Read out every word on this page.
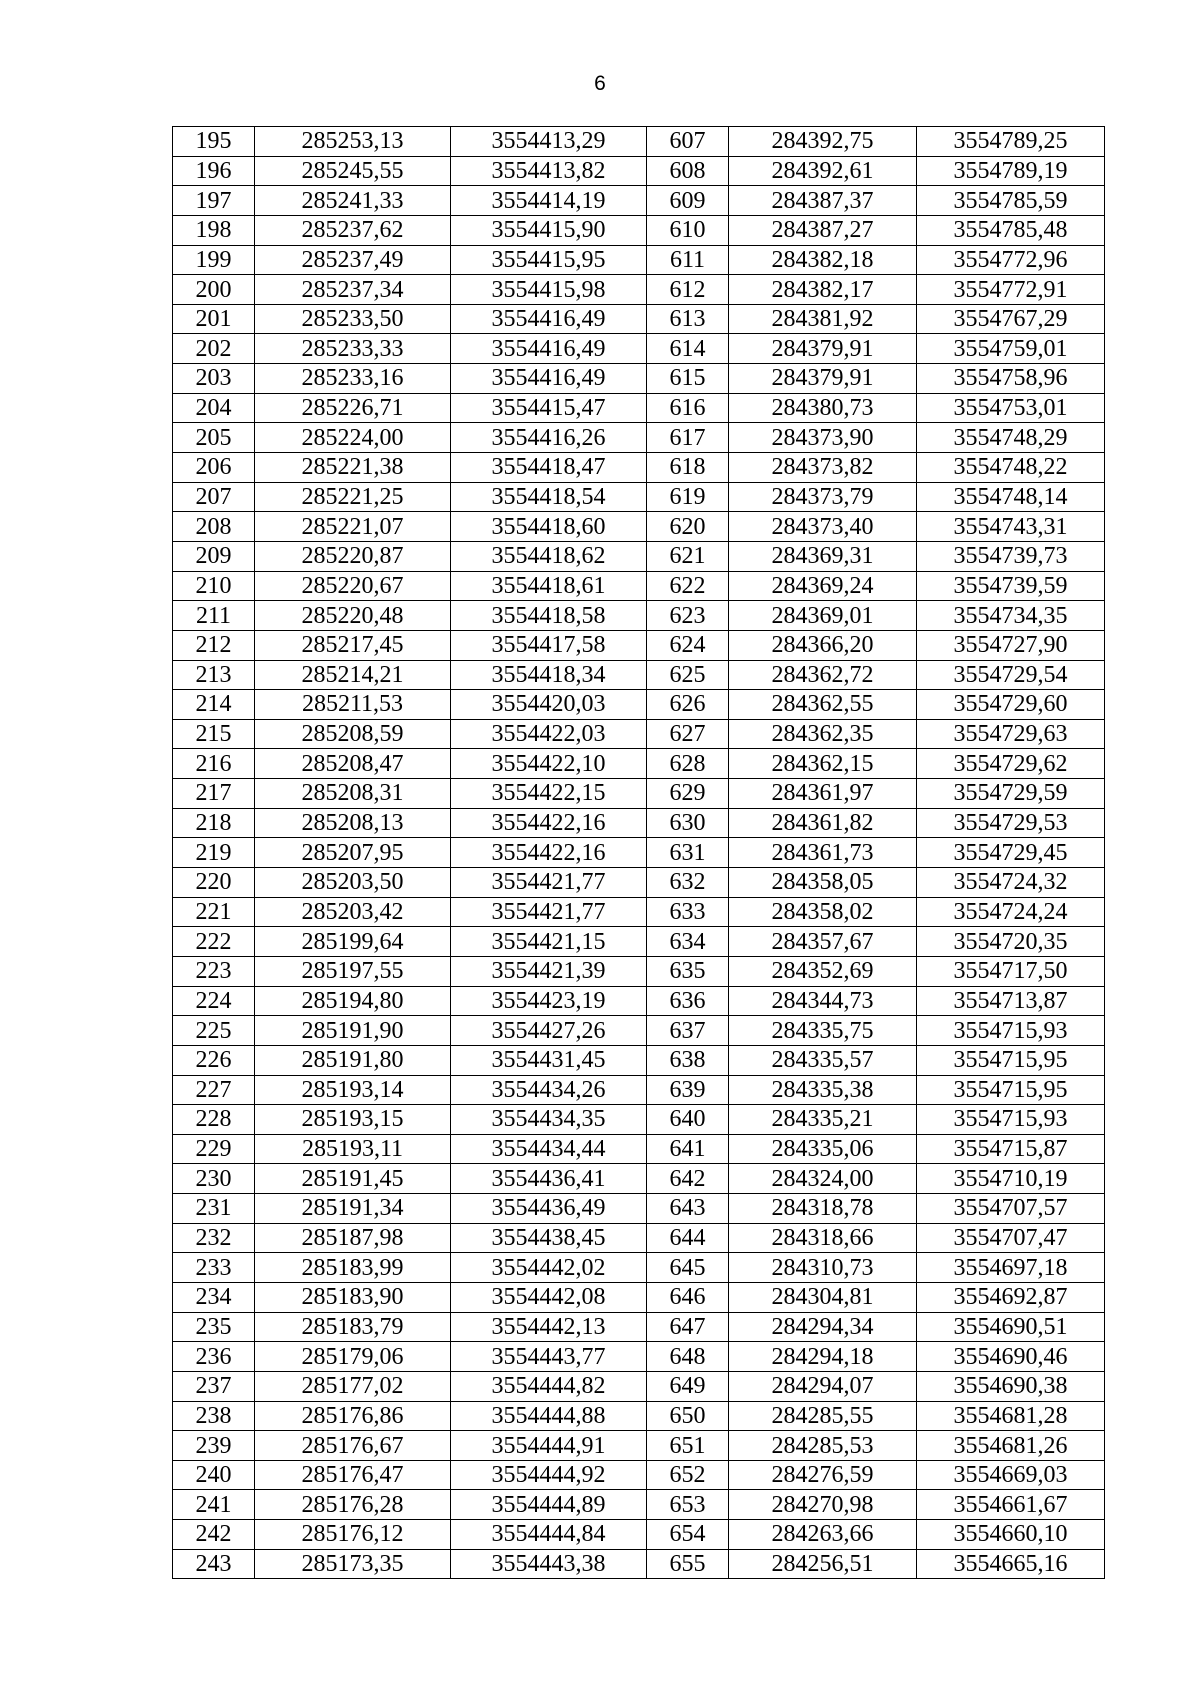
6
195	285253,13	3554413,29	607	284392,75	3554789,25
196	285245,55	3554413,82	608	284392,61	3554789,19
197	285241,33	3554414,19	609	284387,37	3554785,59
198	285237,62	3554415,90	610	284387,27	3554785,48
199	285237,49	3554415,95	611	284382,18	3554772,96
200	285237,34	3554415,98	612	284382,17	3554772,91
201	285233,50	3554416,49	613	284381,92	3554767,29
202	285233,33	3554416,49	614	284379,91	3554759,01
203	285233,16	3554416,49	615	284379,91	3554758,96
204	285226,71	3554415,47	616	284380,73	3554753,01
205	285224,00	3554416,26	617	284373,90	3554748,29
206	285221,38	3554418,47	618	284373,82	3554748,22
207	285221,25	3554418,54	619	284373,79	3554748,14
208	285221,07	3554418,60	620	284373,40	3554743,31
209	285220,87	3554418,62	621	284369,31	3554739,73
210	285220,67	3554418,61	622	284369,24	3554739,59
211	285220,48	3554418,58	623	284369,01	3554734,35
212	285217,45	3554417,58	624	284366,20	3554727,90
213	285214,21	3554418,34	625	284362,72	3554729,54
214	285211,53	3554420,03	626	284362,55	3554729,60
215	285208,59	3554422,03	627	284362,35	3554729,63
216	285208,47	3554422,10	628	284362,15	3554729,62
217	285208,31	3554422,15	629	284361,97	3554729,59
218	285208,13	3554422,16	630	284361,82	3554729,53
219	285207,95	3554422,16	631	284361,73	3554729,45
220	285203,50	3554421,77	632	284358,05	3554724,32
221	285203,42	3554421,77	633	284358,02	3554724,24
222	285199,64	3554421,15	634	284357,67	3554720,35
223	285197,55	3554421,39	635	284352,69	3554717,50
224	285194,80	3554423,19	636	284344,73	3554713,87
225	285191,90	3554427,26	637	284335,75	3554715,93
226	285191,80	3554431,45	638	284335,57	3554715,95
227	285193,14	3554434,26	639	284335,38	3554715,95
228	285193,15	3554434,35	640	284335,21	3554715,93
229	285193,11	3554434,44	641	284335,06	3554715,87
230	285191,45	3554436,41	642	284324,00	3554710,19
231	285191,34	3554436,49	643	284318,78	3554707,57
232	285187,98	3554438,45	644	284318,66	3554707,47
233	285183,99	3554442,02	645	284310,73	3554697,18
234	285183,90	3554442,08	646	284304,81	3554692,87
235	285183,79	3554442,13	647	284294,34	3554690,51
236	285179,06	3554443,77	648	284294,18	3554690,46
237	285177,02	3554444,82	649	284294,07	3554690,38
238	285176,86	3554444,88	650	284285,55	3554681,28
239	285176,67	3554444,91	651	284285,53	3554681,26
240	285176,47	3554444,92	652	284276,59	3554669,03
241	285176,28	3554444,89	653	284270,98	3554661,67
242	285176,12	3554444,84	654	284263,66	3554660,10
243	285173,35	3554443,38	655	284256,51	3554665,16
